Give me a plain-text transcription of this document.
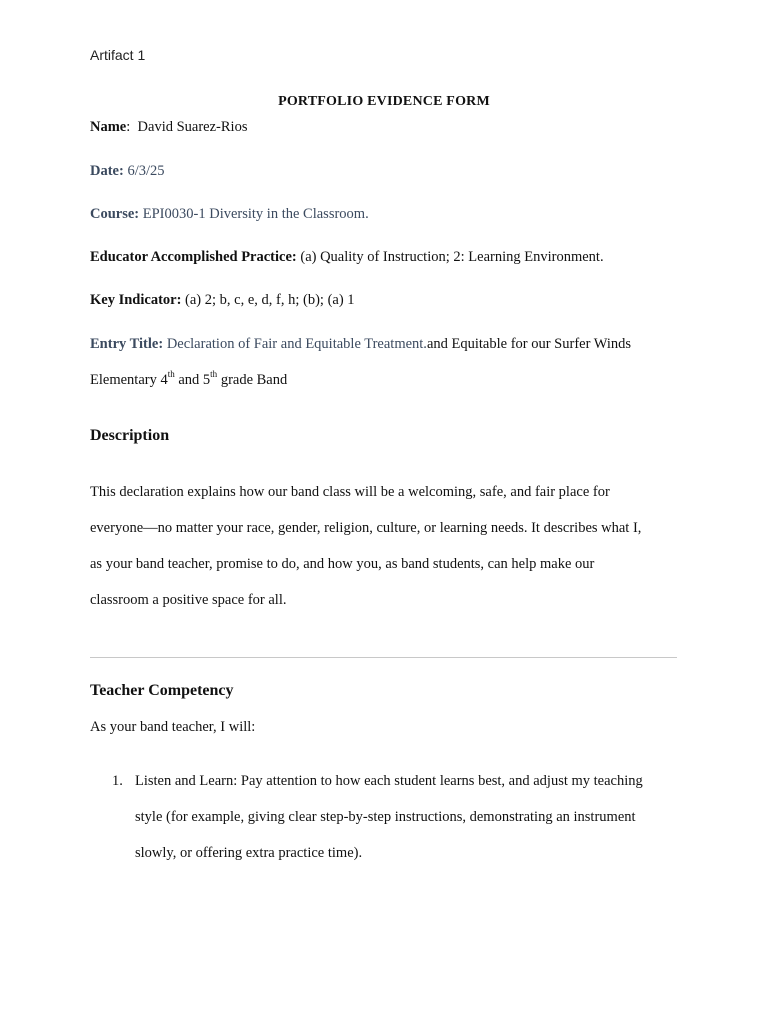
Artifact 1
PORTFOLIO EVIDENCE FORM
Name:  David Suarez-Rios
Date: 6/3/25
Course: EPI0030-1 Diversity in the Classroom.
Educator Accomplished Practice: (a) Quality of Instruction; 2: Learning Environment.
Key Indicator: (a) 2; b, c, e, d, f, h; (b); (a) 1
Entry Title: Declaration of Fair and Equitable Treatment.and Equitable for our Surfer Winds
Elementary 4th and 5th grade Band
Description
This declaration explains how our band class will be a welcoming, safe, and fair place for
everyone—no matter your race, gender, religion, culture, or learning needs. It describes what I,
as your band teacher, promise to do, and how you, as band students, can help make our
classroom a positive space for all.
Teacher Competency
As your band teacher, I will:
1. Listen and Learn: Pay attention to how each student learns best, and adjust my teaching
style (for example, giving clear step-by-step instructions, demonstrating an instrument
slowly, or offering extra practice time).
